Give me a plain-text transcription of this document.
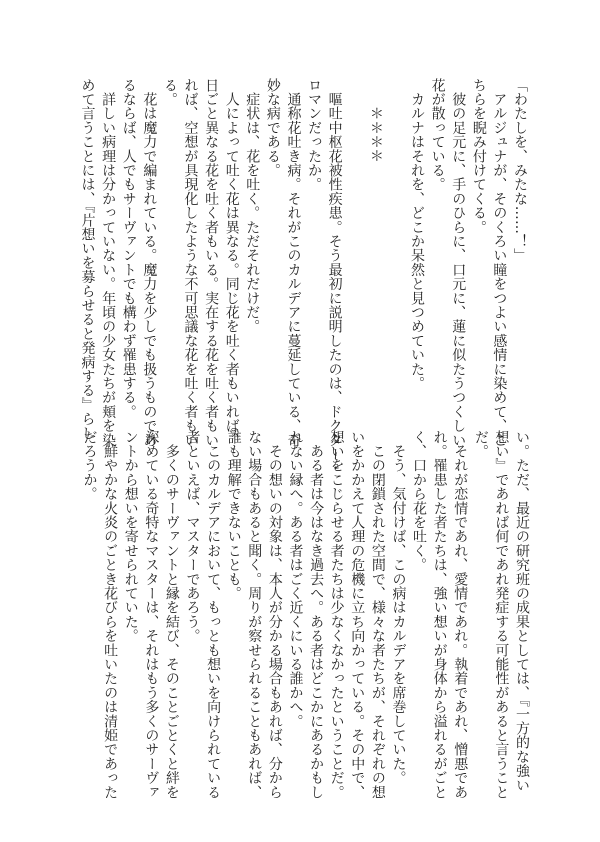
「わたしを、みたな……！」
　アルジュナが、そのくろい瞳をつよい感情に染めて、こ
ちらを睨み付けてくる。
　彼の足元に、手のひらに、口元に、蓮に似たうつくしい
花が散っている。
　カルナはそれを、どこか呆然と見つめていた。
　　＊＊＊＊
　嘔吐中枢花被性疾患。そう最初に説明したのは、ドクター・
ロマンだったか。
　通称花吐き病。それがこのカルデアに蔓延している、奇
妙な病である。
　症状は、花を吐く。ただそれだけだ。
　人によって吐く花は異なる。同じ花を吐く者もいれば、
日ごと異なる花を吐く者もいる。実在する花を吐く者もい
れば、空想が具現化したような不可思議な花を吐く者もい
る。
　花は魔力で編まれている。魔力を少しでも扱うものであ
るならば、人でもサーヴァントでも構わず罹患する。
　詳しい病理は分かっていない。年頃の少女たちが頬を染
めて言うことには、『片想いを募らせると発病する』らし
い。ただ、最近の研究班の成果としては、『一方的な強い
想い』であれば何であれ発症する可能性があると言うこと
だ。
　それが恋情であれ、愛情であれ。執着であれ、憎悪であ
れ。罹患した者たちは、強い想いが身体から溢れるがごと
く、口から花を吐く。
　そう、気付けば、この病はカルデアを席巻していた。
　この閉鎖された空間で、様々な者たちが、それぞれの想
いをかかえて人理の危機に立ち向かっている。その中で、
想いをこじらせる者たちは少なくなかったということだ。
　ある者は今はなき過去へ。ある者はどこかにあるかもし
れない縁へ。ある者はごく近くにいる誰かへ。
　その想いの対象は、本人が分かる場合もあれば、分から
ない場合もあると聞く。周りが察せられることもあれば、
誰も理解できないことも。
　このカルデアにおいて、もっとも想いを向けられている
者といえば、マスターであろう。
　多くのサーヴァントと縁を結び、そのことごとくと絆を
深めている奇特なマスターは、それはもう多くのサーヴァ
ントから想いを寄せられていた。
　鮮やかな火炎のごとき花びらを吐いたのは清姫であった
だろうか。
